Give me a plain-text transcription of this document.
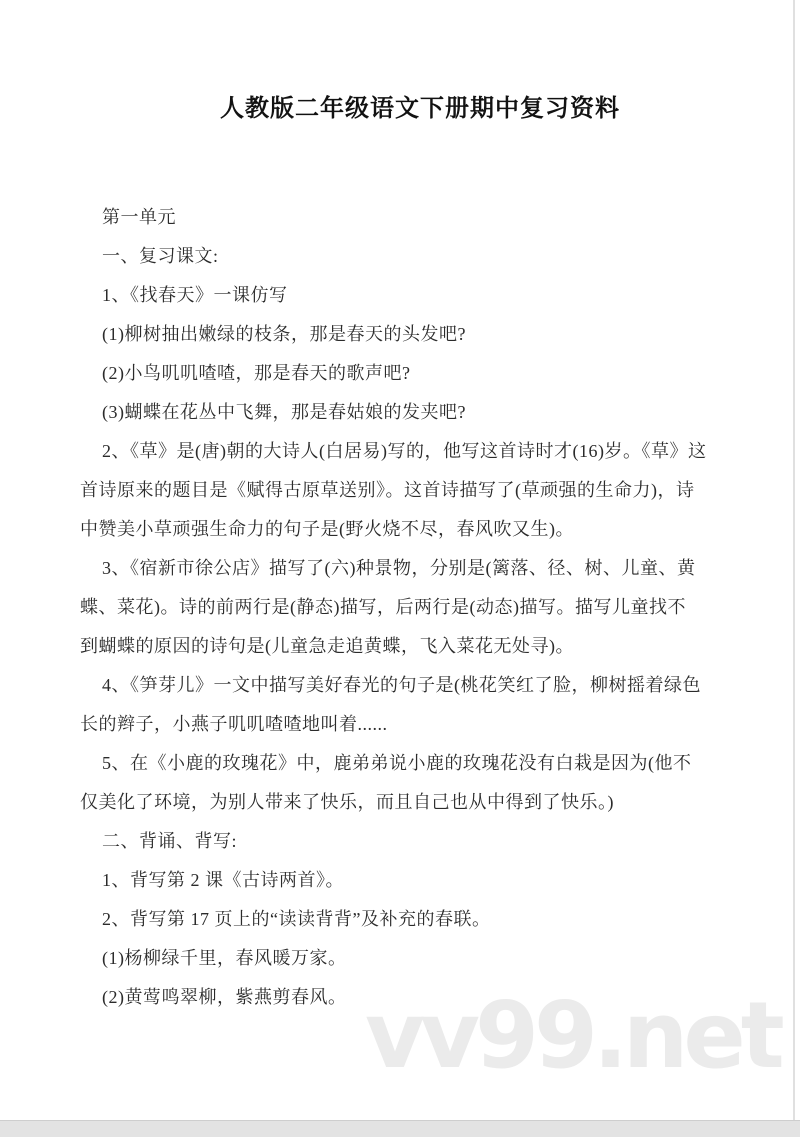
人教版二年级语文下册期中复习资料
第一单元
一、复习课文:
1、《找春天》一课仿写
(1)柳树抽出嫩绿的枝条，那是春天的头发吧?
(2)小鸟叽叽喳喳，那是春天的歌声吧?
(3)蝴蝶在花丛中飞舞，那是春姑娘的发夹吧?
2、《草》是(唐)朝的大诗人(白居易)写的，他写这首诗时才(16)岁。《草》这
首诗原来的题目是《赋得古原草送别》。这首诗描写了(草顽强的生命力)，诗
中赞美小草顽强生命力的句子是(野火烧不尽，春风吹又生)。
3、《宿新市徐公店》描写了(六)种景物，分别是(篱落、径、树、儿童、黄
蝶、菜花)。诗的前两行是(静态)描写，后两行是(动态)描写。描写儿童找不
到蝴蝶的原因的诗句是(儿童急走追黄蝶，飞入菜花无处寻)。
4、《笋芽儿》一文中描写美好春光的句子是(桃花笑红了脸，柳树摇着绿色
长的辫子，小燕子叽叽喳喳地叫着......
5、在《小鹿的玫瑰花》中，鹿弟弟说小鹿的玫瑰花没有白栽是因为(他不
仅美化了环境，为别人带来了快乐，而且自己也从中得到了快乐。)
二、背诵、背写:
1、背写第 2 课《古诗两首》。
2、背写第 17 页上的“读读背背”及补充的春联。
(1)杨柳绿千里，春风暖万家。
(2)黄莺鸣翠柳，紫燕剪春风。 vv99.net
